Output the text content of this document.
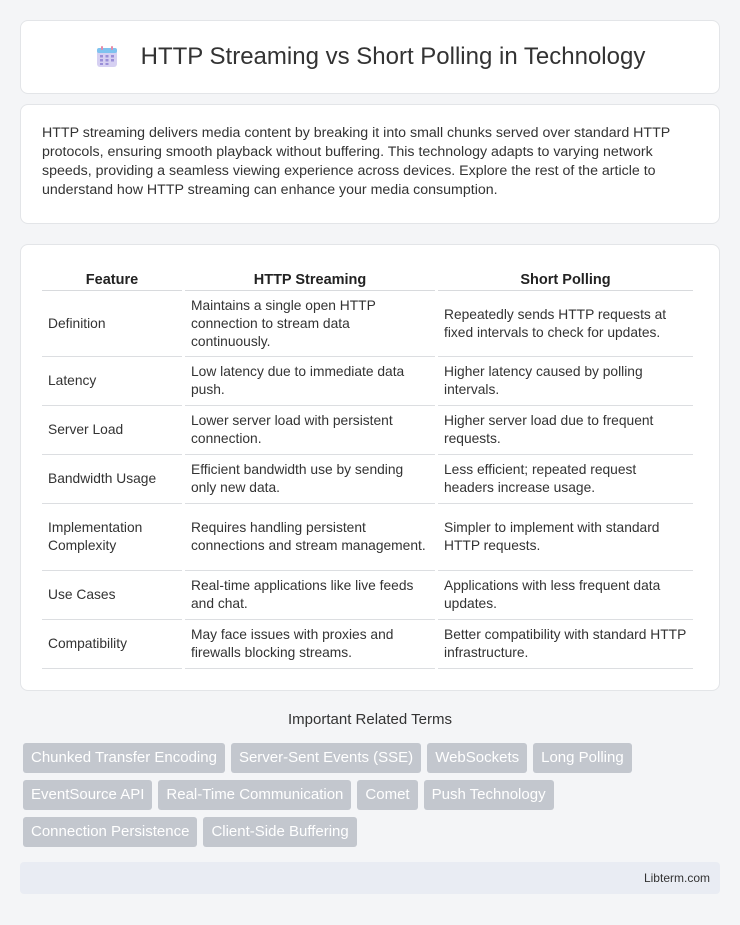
HTTP Streaming vs Short Polling in Technology

HTTP streaming delivers media content by breaking it into small chunks served over standard HTTP protocols, ensuring smooth playback without buffering. This technology adapts to varying network speeds, providing a seamless viewing experience across devices. Explore the rest of the article to understand how HTTP streaming can enhance your media consumption.

Feature	HTTP Streaming	Short Polling
Definition	Maintains a single open HTTP connection to stream data continuously.	Repeatedly sends HTTP requests at fixed intervals to check for updates.
Latency	Low latency due to immediate data push.	Higher latency caused by polling intervals.
Server Load	Lower server load with persistent connection.	Higher server load due to frequent requests.
Bandwidth Usage	Efficient bandwidth use by sending only new data.	Less efficient; repeated request headers increase usage.
Implementation Complexity	Requires handling persistent connections and stream management.	Simpler to implement with standard HTTP requests.
Use Cases	Real-time applications like live feeds and chat.	Applications with less frequent data updates.
Compatibility	May face issues with proxies and firewalls blocking streams.	Better compatibility with standard HTTP infrastructure.
Important Related Terms
Chunked Transfer Encoding	Server-Sent Events (SSE)	WebSockets	Long Polling
EventSource API	Real-Time Communication	Comet	Push Technology
Connection Persistence	Client-Side Buffering
Libterm.com
